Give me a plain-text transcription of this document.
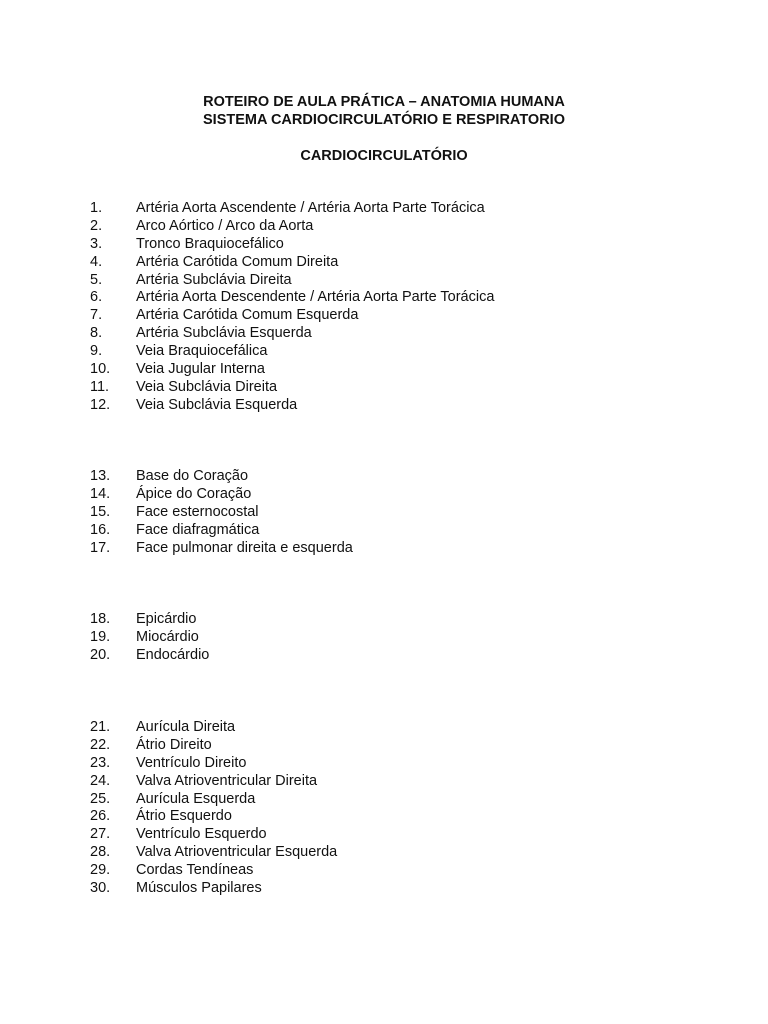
ROTEIRO DE AULA PRÁTICA – ANATOMIA HUMANA
SISTEMA CARDIOCIRCULATÓRIO E RESPIRATORIO
CARDIOCIRCULATÓRIO
1. Artéria Aorta Ascendente / Artéria Aorta Parte Torácica
2. Arco Aórtico / Arco da Aorta
3. Tronco Braquiocefálico
4. Artéria Carótida Comum Direita
5. Artéria Subclávia Direita
6. Artéria Aorta Descendente / Artéria Aorta Parte Torácica
7. Artéria Carótida Comum Esquerda
8. Artéria Subclávia Esquerda
9. Veia Braquiocefálica
10. Veia Jugular Interna
11. Veia Subclávia Direita
12. Veia Subclávia Esquerda
13. Base do Coração
14. Ápice do Coração
15. Face esternocostal
16. Face diafragmática
17. Face pulmonar direita e esquerda
18. Epicárdio
19. Miocárdio
20. Endocárdio
21. Aurícula Direita
22. Átrio Direito
23. Ventrículo Direito
24. Valva Atrioventricular Direita
25. Aurícula Esquerda
26. Átrio Esquerdo
27. Ventrículo Esquerdo
28. Valva Atrioventricular Esquerda
29. Cordas Tendíneas
30. Músculos Papilares
